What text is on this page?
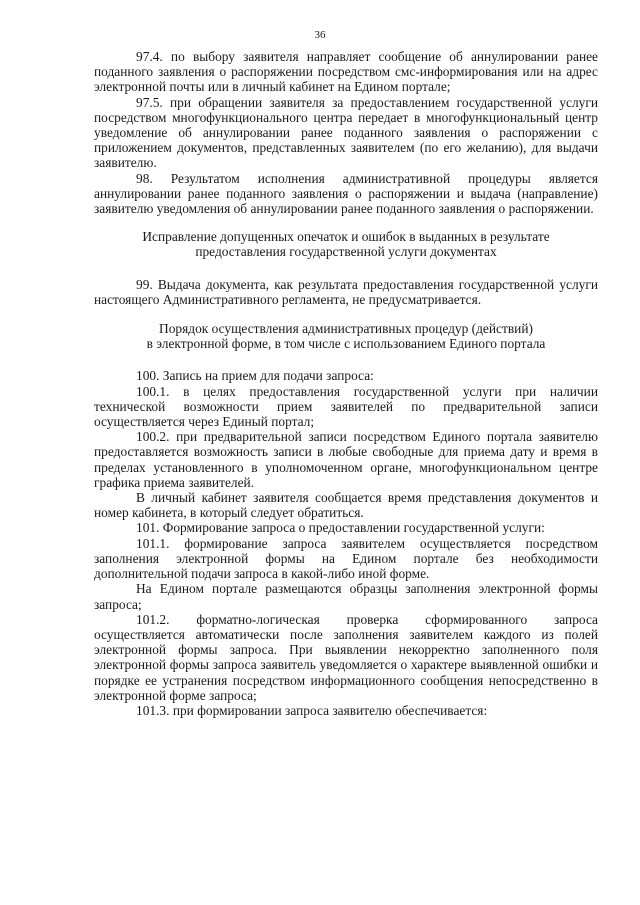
36

97.4. по выбору заявителя направляет сообщение об аннулировании ранее поданного заявления о распоряжении посредством смс-информирования или на адрес электронной почты или в личный кабинет на Едином портале;

97.5. при обращении заявителя за предоставлением государственной услуги посредством многофункционального центра передает в многофункциональный центр уведомление об аннулировании ранее поданного заявления о распоряжении с приложением документов, представленных заявителем (по его желанию), для выдачи заявителю.

98. Результатом исполнения административной процедуры является аннулировании ранее поданного заявления о распоряжении и выдача (направление) заявителю уведомления об аннулировании ранее поданного заявления о распоряжении.

Исправление допущенных опечаток и ошибок в выданных в результате
предоставления государственной услуги документах

99. Выдача документа, как результата предоставления государственной услуги настоящего Административного регламента, не предусматривается.

Порядок осуществления административных процедур (действий)
в электронной форме, в том числе с использованием Единого портала

100. Запись на прием для подачи запроса:

100.1. в целях предоставления государственной услуги при наличии технической возможности прием заявителей по предварительной записи осуществляется через Единый портал;

100.2. при предварительной записи посредством Единого портала заявителю предоставляется возможность записи в любые свободные для приема дату и время в пределах установленного в уполномоченном органе, многофункциональном центре графика приема заявителей.

В личный кабинет заявителя сообщается время представления документов и номер кабинета, в который следует обратиться.

101. Формирование запроса о предоставлении государственной услуги:

101.1. формирование запроса заявителем осуществляется посредством заполнения электронной формы на Едином портале без необходимости дополнительной подачи запроса в какой-либо иной форме.

На Едином портале размещаются образцы заполнения электронной формы запроса;

101.2. форматно-логическая проверка сформированного запроса осуществляется автоматически после заполнения заявителем каждого из полей электронной формы запроса. При выявлении некорректно заполненного поля электронной формы запроса заявитель уведомляется о характере выявленной ошибки и порядке ее устранения посредством информационного сообщения непосредственно в электронной форме запроса;

101.3. при формировании запроса заявителю обеспечивается:
